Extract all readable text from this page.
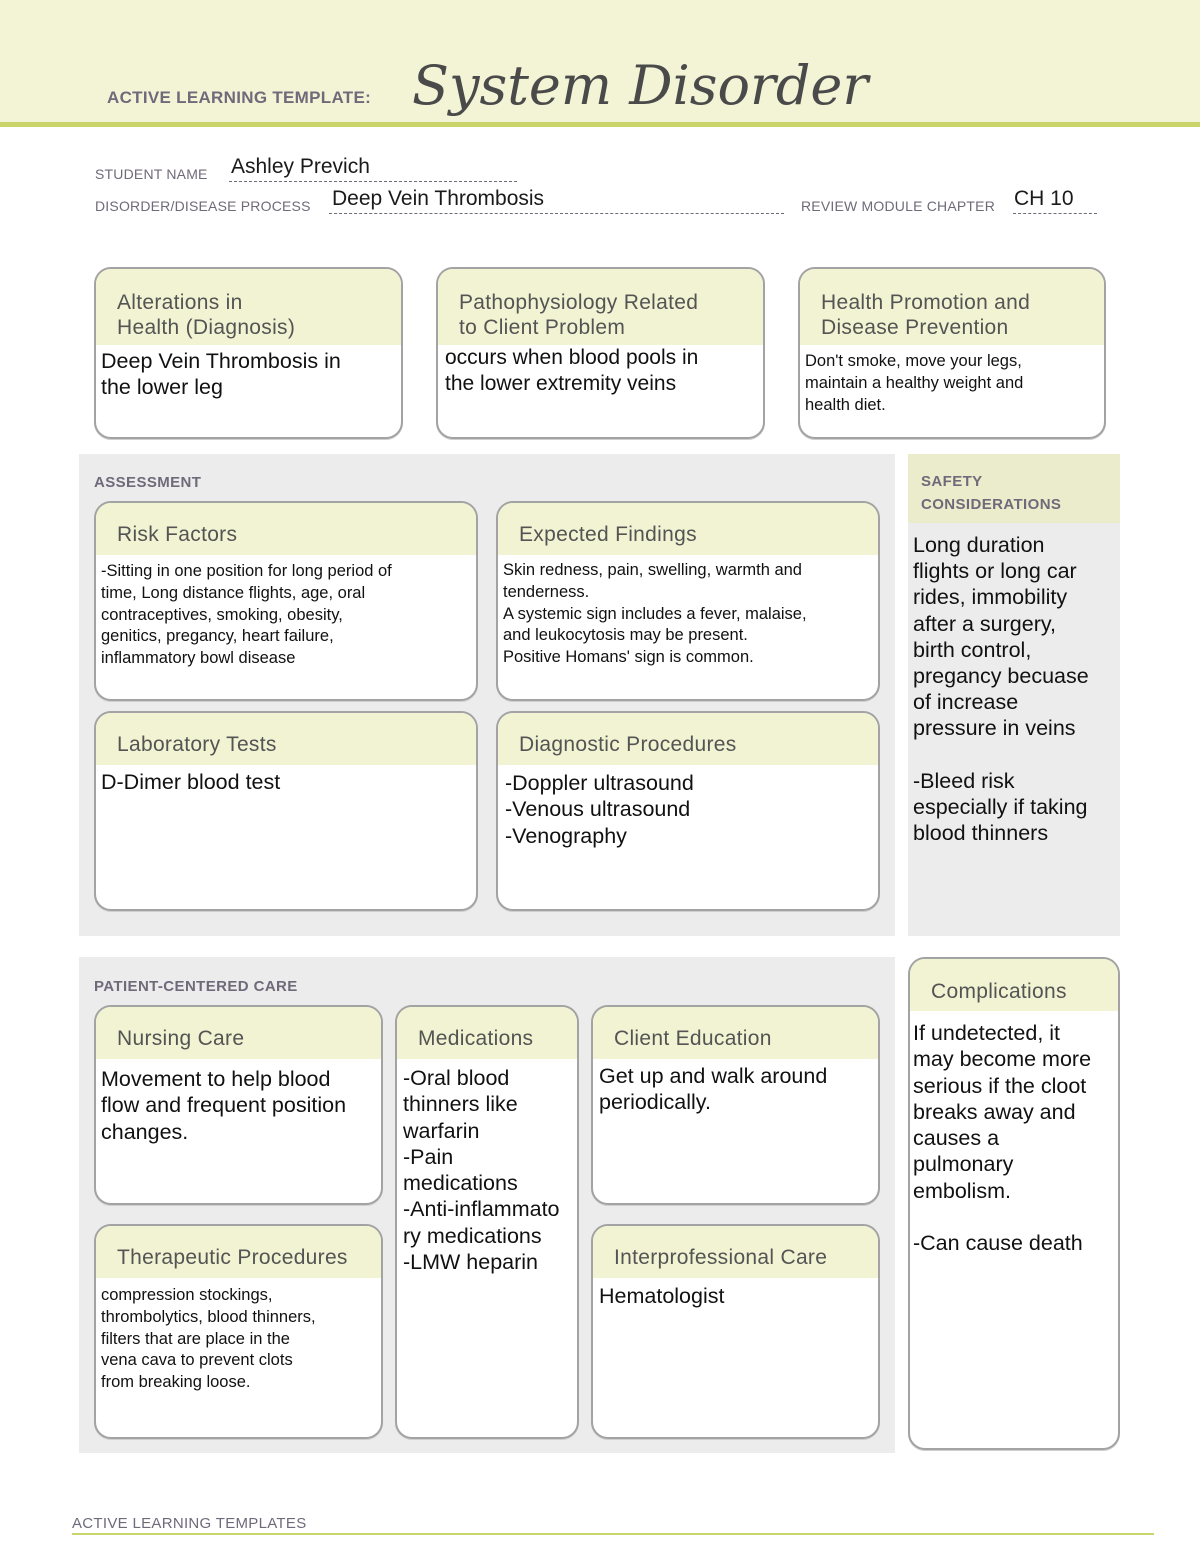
ACTIVE LEARNING TEMPLATE: System Disorder
STUDENT NAME Ashley Previch
DISORDER/DISEASE PROCESS Deep Vein Thrombosis	REVIEW MODULE CHAPTER CH 10
Alterations in
Health (Diagnosis)
Deep Vein Thrombosis in
the lower leg
Pathophysiology Related
to Client Problem
occurs when blood pools in
the lower extremity veins
Health Promotion and
Disease Prevention
Don't smoke, move your legs,
maintain a healthy weight and
health diet.
ASSESSMENT
Risk Factors
-Sitting in one position for long period of
time, Long distance flights, age, oral
contraceptives, smoking, obesity,
genitics, pregancy, heart failure,
inflammatory bowl disease
Expected Findings
Skin redness, pain, swelling, warmth and
tenderness.
A systemic sign includes a fever, malaise,
and leukocytosis may be present.
Positive Homans' sign is common.
Laboratory Tests
D-Dimer blood test
Diagnostic Procedures
-Doppler ultrasound
-Venous ultrasound
-Venography
SAFETY
CONSIDERATIONS
Long duration
flights or long car
rides, immobility
after a surgery,
birth control,
pregancy becuase
of increase
pressure in veins

-Bleed risk
especially if taking
blood thinners
PATIENT-CENTERED CARE
Nursing Care
Movement to help blood
flow and frequent position
changes.
Medications
-Oral blood
thinners like
warfarin
-Pain
medications
-Anti-inflammato
ry medications
-LMW heparin
Client Education
Get up and walk around
periodically.
Therapeutic Procedures
compression stockings,
thrombolytics, blood thinners,
filters that are place in the
vena cava to prevent clots
from breaking loose.
Interprofessional Care
Hematologist
Complications
If undetected, it
may become more
serious if the cloot
breaks away and
causes a
pulmonary
embolism.

-Can cause death
ACTIVE LEARNING TEMPLATES
